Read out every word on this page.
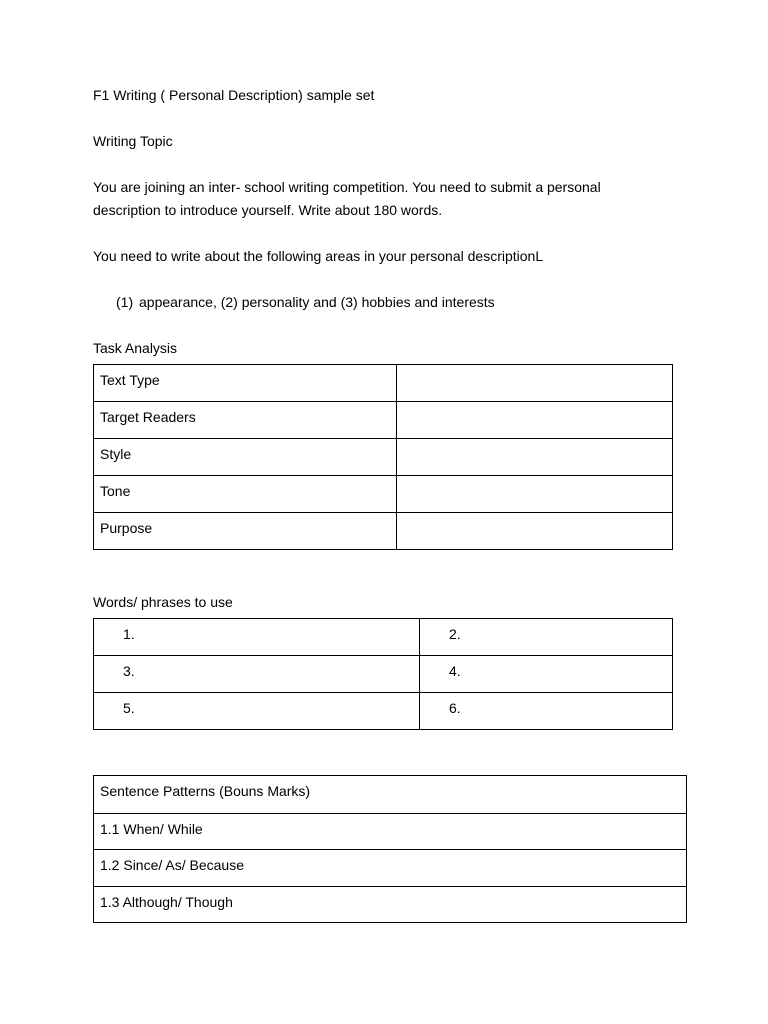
F1 Writing ( Personal Description) sample set

Writing Topic

You are joining an inter- school writing competition. You need to submit a personal description to introduce yourself. Write about 180 words.

You need to write about the following areas in your personal descriptionL

(1) appearance, (2) personality and (3) hobbies and interests

Task Analysis

Text Type	
Target Readers	
Style	
Tone	
Purpose	

Words/ phrases to use

1.	2.
3.	4.
5.	6.
Sentence Patterns (Bouns Marks)
1.1 When/ While
1.2 Since/ As/ Because
1.3 Although/ Though
